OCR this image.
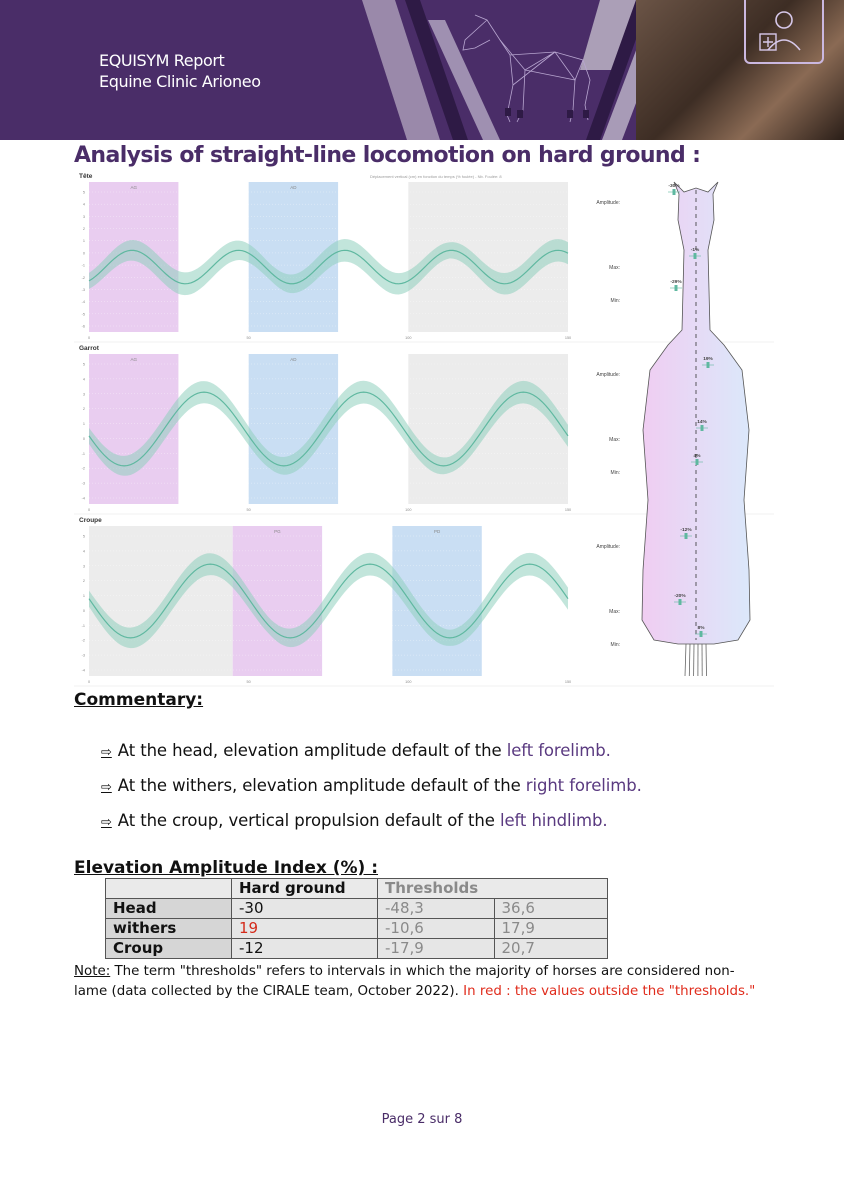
EQUISYM Report
Equine Clinic Arioneo
Analysis of straight-line locomotion on hard ground :
Tête	Déplacement vertical (cm) en fonction du temps (% foulée) - Nb. Foulée: 8
AG	AD
5
4
3
2
1
0
-1
-2
-3
-4
-5
-6
0	50	100	150
Amplitude:
Max:
Min:
Garrot
AG	AD
5
4
3
2
1
0
-1
-2
-3
-4
0	50	100	150
Amplitude:
Max:
Min:
Croupe
PG	PD
5
4
3
2
1
0
-1
-2
-3
-4
0	50	100	150
Amplitude:
Max:
Min:
-30%
-1%
-29%
19%
14%
4%
-12%
-20%
8%
Commentary:
⇨ At the head, elevation amplitude default of the left forelimb.
⇨ At the withers, elevation amplitude default of the right forelimb.
⇨ At the croup, vertical propulsion default of the left hindlimb.
Elevation Amplitude Index (%) :
	Hard ground	Thresholds	
Head	-30	-48,3	36,6
withers	19	-10,6	17,9
Croup	-12	-17,9	20,7
Note: The term "thresholds" refers to intervals in which the majority of horses are considered non-lame (data collected by the CIRALE team, October 2022). In red : the values outside the "thresholds."
Page 2 sur 8
